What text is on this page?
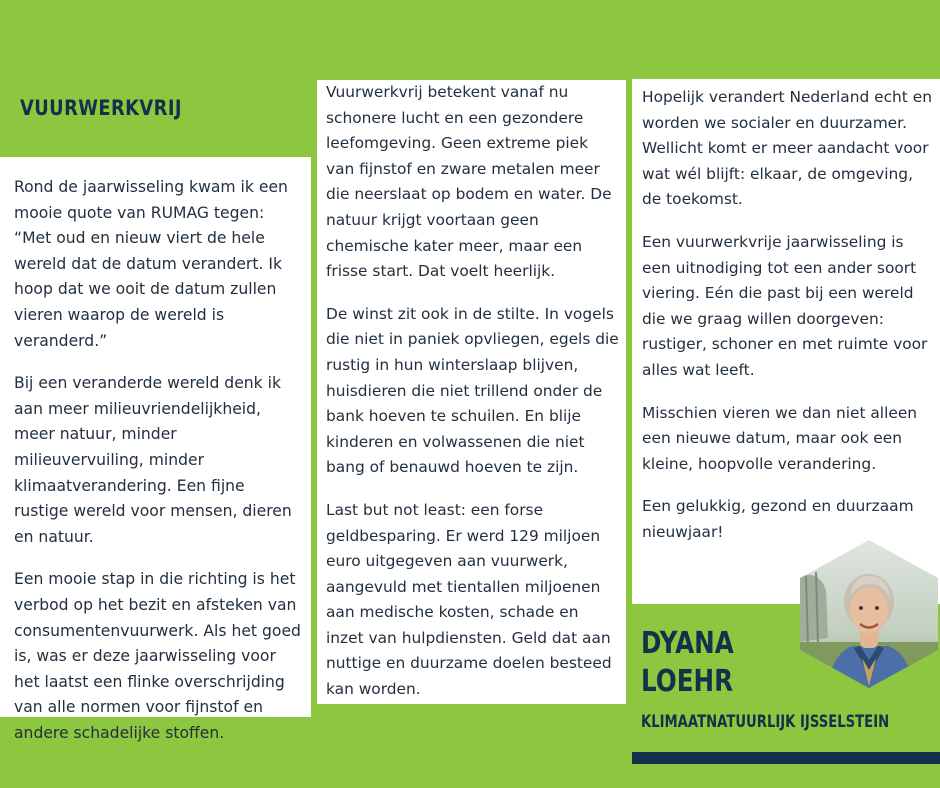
VUURWERKVRIJ

Rond de jaarwisseling kwam ik een mooie quote van RUMAG tegen: “Met oud en nieuw viert de hele wereld dat de datum verandert. Ik hoop dat we ooit de datum zullen vieren waarop de wereld is veranderd.”

Bij een veranderde wereld denk ik aan meer milieuvriendelijkheid, meer natuur, minder milieuvervuiling, minder klimaatverandering. Een fijne rustige wereld voor mensen, dieren en natuur.

Een mooie stap in die richting is het verbod op het bezit en afsteken van consumentenvuurwerk. Als het goed is, was er deze jaarwisseling voor het laatst een flinke overschrijding van alle normen voor fijnstof en andere schadelijke stoffen.

Vuurwerkvrij betekent vanaf nu schonere lucht en een gezondere leefomgeving. Geen extreme piek van fijnstof en zware metalen meer die neerslaat op bodem en water. De natuur krijgt voortaan geen chemische kater meer, maar een frisse start. Dat voelt heerlijk.

De winst zit ook in de stilte. In vogels die niet in paniek opvliegen, egels die rustig in hun winterslaap blijven, huisdieren die niet trillend onder de bank hoeven te schuilen. En blije kinderen en volwassenen die niet bang of benauwd hoeven te zijn.

Last but not least: een forse geldbesparing. Er werd 129 miljoen euro uitgegeven aan vuurwerk, aangevuld met tientallen miljoenen aan medische kosten, schade en inzet van hulpdiensten. Geld dat aan nuttige en duurzame doelen besteed kan worden.

Hopelijk verandert Nederland echt en worden we socialer en duurzamer. Wellicht komt er meer aandacht voor wat wél blijft: elkaar, de omgeving, de toekomst.

Een vuurwerkvrije jaarwisseling is een uitnodiging tot een ander soort viering. Eén die past bij een wereld die we graag willen doorgeven: rustiger, schoner en met ruimte voor alles wat leeft.

Misschien vieren we dan niet alleen een nieuwe datum, maar ook een kleine, hoopvolle verandering.

Een gelukkig, gezond en duurzaam nieuwjaar!

DYANA
LOEHR
KLIMAATNATUURLIJK IJSSELSTEIN
